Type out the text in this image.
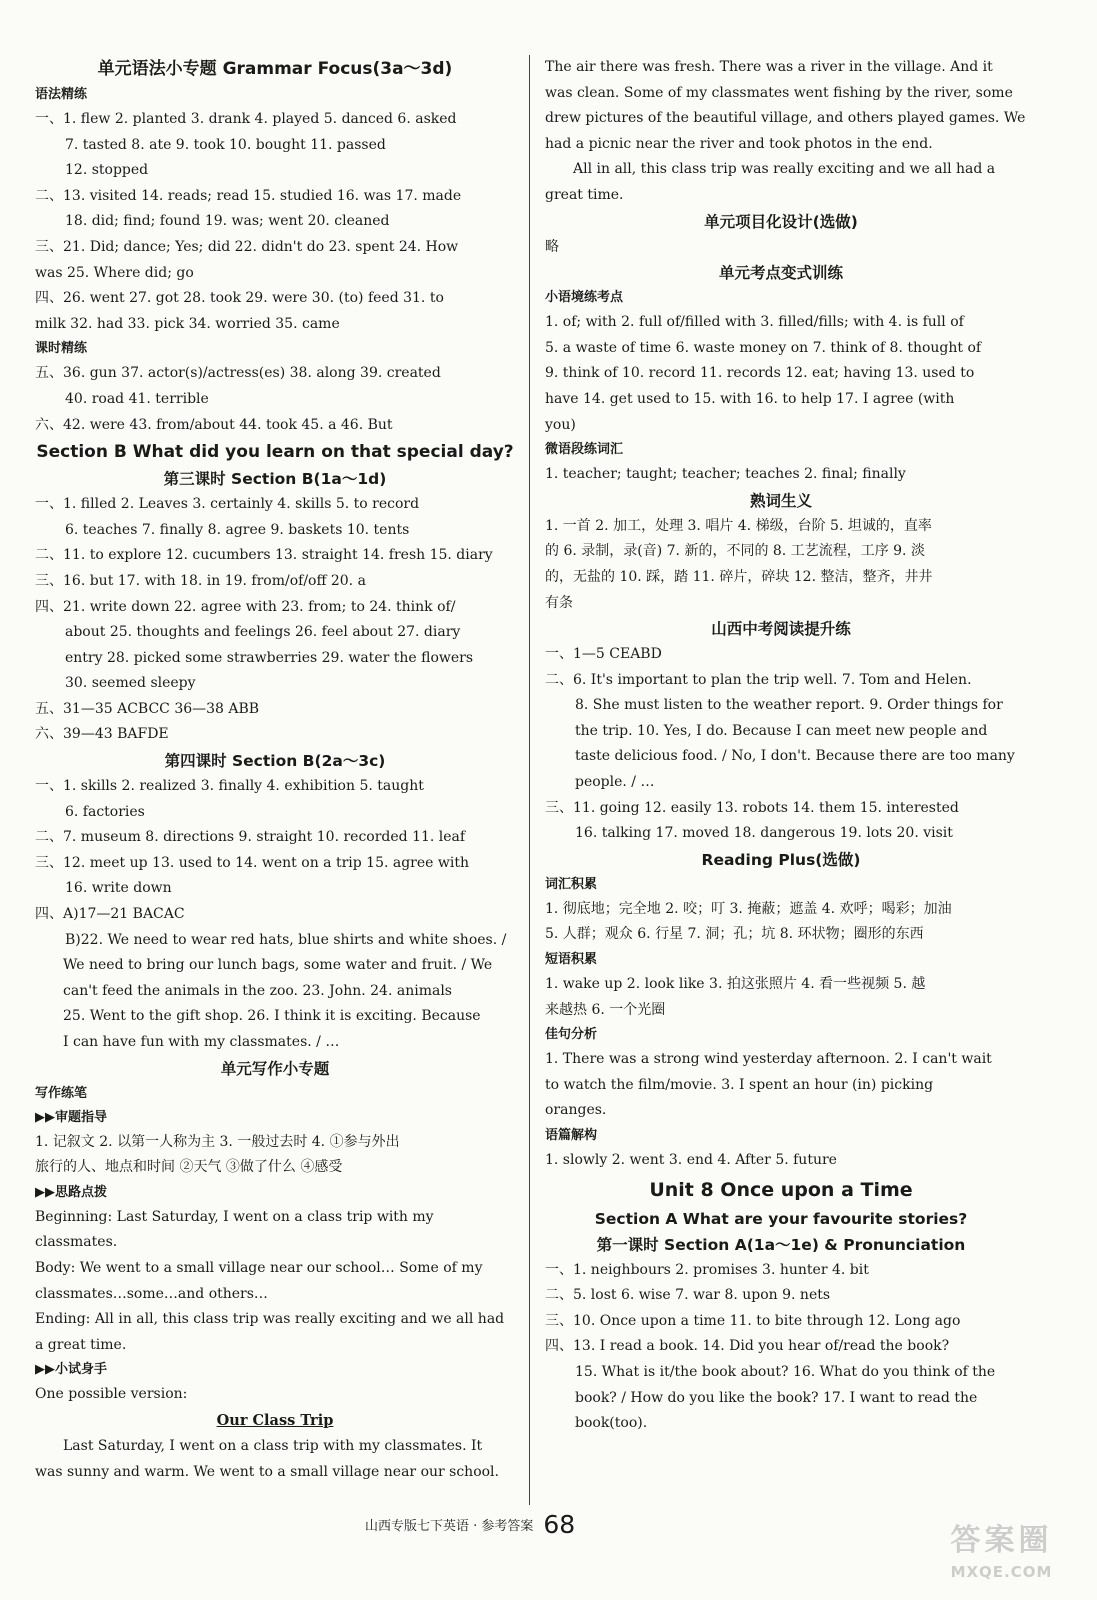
单元语法小专题 Grammar Focus(3a～3d)
语法精练
一、1. flew 2. planted 3. drank 4. played 5. danced 6. asked
7. tasted 8. ate 9. took 10. bought 11. passed
12. stopped
二、13. visited 14. reads; read 15. studied 16. was 17. made
18. did; find; found 19. was; went 20. cleaned
三、21. Did; dance; Yes; did 22. didn't do 23. spent 24. How
was 25. Where did; go
四、26. went 27. got 28. took 29. were 30. (to) feed 31. to
milk 32. had 33. pick 34. worried 35. came
课时精练
五、36. gun 37. actor(s)/actress(es) 38. along 39. created
40. road 41. terrible
六、42. were 43. from/about 44. took 45. a 46. But
Section B What did you learn on that special day?
第三课时 Section B(1a～1d)
一、1. filled 2. Leaves 3. certainly 4. skills 5. to record
6. teaches 7. finally 8. agree 9. baskets 10. tents
二、11. to explore 12. cucumbers 13. straight 14. fresh 15. diary
三、16. but 17. with 18. in 19. from/of/off 20. a
四、21. write down 22. agree with 23. from; to 24. think of/
about 25. thoughts and feelings 26. feel about 27. diary
entry 28. picked some strawberries 29. water the flowers
30. seemed sleepy
五、31—35 ACBCC 36—38 ABB
六、39—43 BAFDE
第四课时 Section B(2a～3c)
一、1. skills 2. realized 3. finally 4. exhibition 5. taught
6. factories
二、7. museum 8. directions 9. straight 10. recorded 11. leaf
三、12. meet up 13. used to 14. went on a trip 15. agree with
16. write down
四、A)17—21 BACAC
B)22. We need to wear red hats, blue shirts and white shoes. /
We need to bring our lunch bags, some water and fruit. / We
can't feed the animals in the zoo. 23. John. 24. animals
25. Went to the gift shop. 26. I think it is exciting. Because
I can have fun with my classmates. / …
单元写作小专题
写作练笔
▶▶审题指导
1. 记叙文 2. 以第一人称为主 3. 一般过去时 4. ①参与外出
旅行的人、地点和时间 ②天气 ③做了什么 ④感受
▶▶思路点拨
Beginning: Last Saturday, I went on a class trip with my
classmates.
Body: We went to a small village near our school… Some of my
classmates…some…and others…
Ending: All in all, this class trip was really exciting and we all had
a great time.
▶▶小试身手
One possible version:
Our Class Trip
Last Saturday, I went on a class trip with my classmates. It
was sunny and warm. We went to a small village near our school.
The air there was fresh. There was a river in the village. And it
was clean. Some of my classmates went fishing by the river, some
drew pictures of the beautiful village, and others played games. We
had a picnic near the river and took photos in the end.
All in all, this class trip was really exciting and we all had a
great time.
单元项目化设计(选做)
略
单元考点变式训练
小语境练考点
1. of; with 2. full of/filled with 3. filled/fills; with 4. is full of
5. a waste of time 6. waste money on 7. think of 8. thought of
9. think of 10. record 11. records 12. eat; having 13. used to
have 14. get used to 15. with 16. to help 17. I agree (with
you)
微语段练词汇
1. teacher; taught; teacher; teaches 2. final; finally
熟词生义
1. 一首 2. 加工，处理 3. 唱片 4. 梯级，台阶 5. 坦诚的，直率
的 6. 录制，录(音) 7. 新的，不同的 8. 工艺流程，工序 9. 淡
的，无盐的 10. 踩，踏 11. 碎片，碎块 12. 整洁，整齐，井井
有条
山西中考阅读提升练
一、1—5 CEABD
二、6. It's important to plan the trip well. 7. Tom and Helen.
8. She must listen to the weather report. 9. Order things for
the trip. 10. Yes, I do. Because I can meet new people and
taste delicious food. / No, I don't. Because there are too many
people. / …
三、11. going 12. easily 13. robots 14. them 15. interested
16. talking 17. moved 18. dangerous 19. lots 20. visit
Reading Plus(选做)
词汇积累
1. 彻底地；完全地 2. 咬；叮 3. 掩蔽；遮盖 4. 欢呼；喝彩；加油
5. 人群；观众 6. 行星 7. 洞；孔；坑 8. 环状物；圈形的东西
短语积累
1. wake up 2. look like 3. 拍这张照片 4. 看一些视频 5. 越
来越热 6. 一个光圈
佳句分析
1. There was a strong wind yesterday afternoon. 2. I can't wait
to watch the film/movie. 3. I spent an hour (in) picking
oranges.
语篇解构
1. slowly 2. went 3. end 4. After 5. future
Unit 8 Once upon a Time
Section A What are your favourite stories?
第一课时 Section A(1a～1e) & Pronunciation
一、1. neighbours 2. promises 3. hunter 4. bit
二、5. lost 6. wise 7. war 8. upon 9. nets
三、10. Once upon a time 11. to bite through 12. Long ago
四、13. I read a book. 14. Did you hear of/read the book?
15. What is it/the book about? 16. What do you think of the
book? / How do you like the book? 17. I want to read the
book(too).
山西专版七下英语 · 参考答案 68	答案圈
MXQE.COM
